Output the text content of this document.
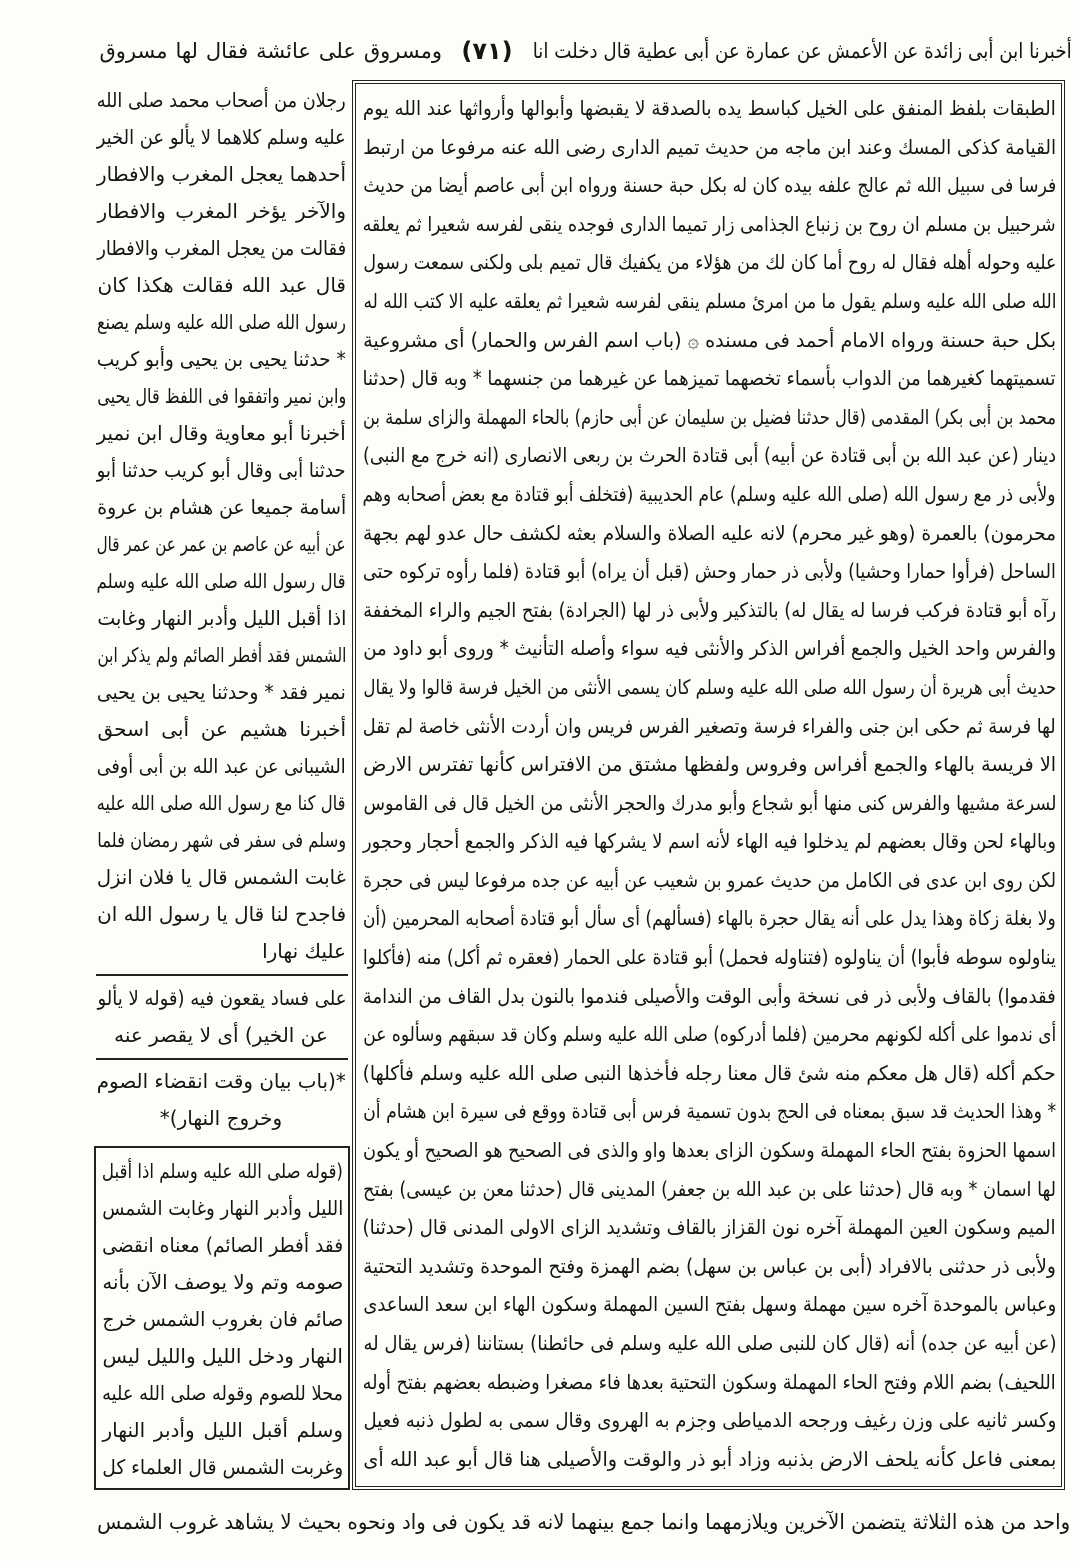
أخبرنا ابن أبى زائدة عن الأعمش عن عمارة عن أبى عطية قال دخلت انا
(٧١)
ومسروق على عائشة فقال لها مسروق
الطبقات بلفظ المنفق على الخيل كباسط يده بالصدقة لا يقبضها وأبوالها وأرواثها عند الله يوم
القيامة كذكى المسك وعند ابن ماجه من حديث تميم الدارى رضى الله عنه مرفوعا من ارتبط
فرسا فى سبيل الله ثم عالج علفه بيده كان له بكل حبة حسنة ورواه ابن أبى عاصم أيضا من حديث
شرحبيل بن مسلم ان روح بن زنباع الجذامى زار تميما الدارى فوجده ينقى لفرسه شعيرا ثم يعلقه
عليه وحوله أهله فقال له روح أما كان لك من هؤلاء من يكفيك قال تميم بلى ولكنى سمعت رسول
الله صلى الله عليه وسلم يقول ما من امرئ مسلم ينقى لفرسه شعيرا ثم يعلقه عليه الا كتب الله له
بكل حبة حسنة ورواه الامام أحمد فى مسنده ۞ (باب اسم الفرس والحمار) أى مشروعية
تسميتهما كغيرهما من الدواب بأسماء تخصهما تميزهما عن غيرهما من جنسهما * وبه قال (حدثنا
محمد بن أبى بكر) المقدمى (قال حدثنا فضيل بن سليمان عن أبى حازم) بالحاء المهملة والزاى سلمة بن
دينار (عن عبد الله بن أبى قتادة عن أبيه) أبى قتادة الحرث بن ربعى الانصارى (انه خرج مع النبى)
ولأبى ذر مع رسول الله (صلى الله عليه وسلم) عام الحديبية (فتخلف أبو قتادة مع بعض أصحابه وهم
محرمون) بالعمرة (وهو غير محرم) لانه عليه الصلاة والسلام بعثه لكشف حال عدو لهم بجهة
الساحل (فرأوا حمارا وحشيا) ولأبى ذر حمار وحش (قبل أن يراه) أبو قتادة (فلما رأوه تركوه حتى
رآه أبو قتادة فركب فرسا له يقال له) بالتذكير ولأبى ذر لها (الجرادة) بفتح الجيم والراء المخففة
والفرس واحد الخيل والجمع أفراس الذكر والأنثى فيه سواء وأصله التأنيث * وروى أبو داود من
حديث أبى هريرة أن رسول الله صلى الله عليه وسلم كان يسمى الأنثى من الخيل فرسة قالوا ولا يقال
لها فرسة ثم حكى ابن جنى والفراء فرسة وتصغير الفرس فريس وان أردت الأنثى خاصة لم تقل
الا فريسة بالهاء والجمع أفراس وفروس ولفظها مشتق من الافتراس كأنها تفترس الارض
لسرعة مشيها والفرس كنى منها أبو شجاع وأبو مدرك والحجر الأنثى من الخيل قال فى القاموس
وبالهاء لحن وقال بعضهم لم يدخلوا فيه الهاء لأنه اسم لا يشركها فيه الذكر والجمع أحجار وحجور
لكن روى ابن عدى فى الكامل من حديث عمرو بن شعيب عن أبيه عن جده مرفوعا ليس فى حجرة
ولا بغلة زكاة وهذا يدل على أنه يقال حجرة بالهاء (فسألهم) أى سأل أبو قتادة أصحابه المحرمين (أن
يناولوه سوطه فأبوا) أن يناولوه (فتناوله فحمل) أبو قتادة على الحمار (فعقره ثم أكل) منه (فأكلوا
فقدموا) بالقاف ولأبى ذر فى نسخة وأبى الوقت والأصيلى فندموا بالنون بدل القاف من الندامة
أى ندموا على أكله لكونهم محرمين (فلما أدركوه) صلى الله عليه وسلم وكان قد سبقهم وسألوه عن
حكم أكله (قال هل معكم منه شئ قال معنا رجله فأخذها النبى صلى الله عليه وسلم فأكلها)
* وهذا الحديث قد سبق بمعناه فى الحج بدون تسمية فرس أبى قتادة ووقع فى سيرة ابن هشام أن
اسمها الحزوة بفتح الحاء المهملة وسكون الزاى بعدها واو والذى فى الصحيح هو الصحيح أو يكون
لها اسمان * وبه قال (حدثنا على بن عبد الله بن جعفر) المدينى قال (حدثنا معن بن عيسى) بفتح
الميم وسكون العين المهملة آخره نون القزاز بالقاف وتشديد الزاى الاولى المدنى قال (حدثنا)
ولأبى ذر حدثنى بالافراد (أبى بن عباس بن سهل) بضم الهمزة وفتح الموحدة وتشديد التحتية
وعباس بالموحدة آخره سين مهملة وسهل بفتح السين المهملة وسكون الهاء ابن سعد الساعدى
(عن أبيه عن جده) أنه (قال كان للنبى صلى الله عليه وسلم فى حائطنا) بستاننا (فرس يقال له
اللحيف) بضم اللام وفتح الحاء المهملة وسكون التحتية بعدها فاء مصغرا وضبطه بعضهم بفتح أوله
وكسر ثانيه على وزن رغيف ورجحه الدمياطى وجزم به الهروى وقال سمى به لطول ذنبه فعيل
بمعنى فاعل كأنه يلحف الارض بذنبه وزاد أبو ذر والوقت والأصيلى هنا قال أبو عبد الله أى
رجلان من أصحاب محمد صلى الله
عليه وسلم كلاهما لا يألو عن الخير
أحدهما يعجل المغرب والافطار
والآخر يؤخر المغرب والافطار
فقالت من يعجل المغرب والافطار
قال عبد الله فقالت هكذا كان
رسول الله صلى الله عليه وسلم يصنع
* حدثنا يحيى بن يحيى وأبو كريب
وابن نمير واتفقوا فى اللفظ قال يحيى
أخبرنا أبو معاوية وقال ابن نمير
حدثنا أبى وقال أبو كريب حدثنا أبو
أسامة جميعا عن هشام بن عروة
عن أبيه عن عاصم بن عمر عن عمر قال
قال رسول الله صلى الله عليه وسلم
اذا أقبل الليل وأدبر النهار وغابت
الشمس فقد أفطر الصائم ولم يذكر ابن
نمير فقد * وحدثنا يحيى بن يحيى
أخبرنا هشيم عن أبى اسحق
الشيبانى عن عبد الله بن أبى أوفى
قال كنا مع رسول الله صلى الله عليه
وسلم فى سفر فى شهر رمضان فلما
غابت الشمس قال يا فلان انزل
فاجدح لنا قال يا رسول الله ان
عليك نهارا
على فساد يقعون فيه (قوله لا يألو
عن الخير) أى لا يقصر عنه
*(باب بيان وقت انقضاء الصوم
وخروج النهار)*
(قوله صلى الله عليه وسلم اذا أقبل
الليل وأدبر النهار وغابت الشمس
فقد أفطر الصائم) معناه انقضى
صومه وتم ولا يوصف الآن بأنه
صائم فان بغروب الشمس خرج
النهار ودخل الليل والليل ليس
محلا للصوم وقوله صلى الله عليه
وسلم أقبل الليل وأدبر النهار
وغربت الشمس قال العلماء كل
واحد من هذه الثلاثة يتضمن الآخرين ويلازمهما وانما جمع بينهما لانه قد يكون فى واد ونحوه بحيث لا يشاهد غروب الشمس
